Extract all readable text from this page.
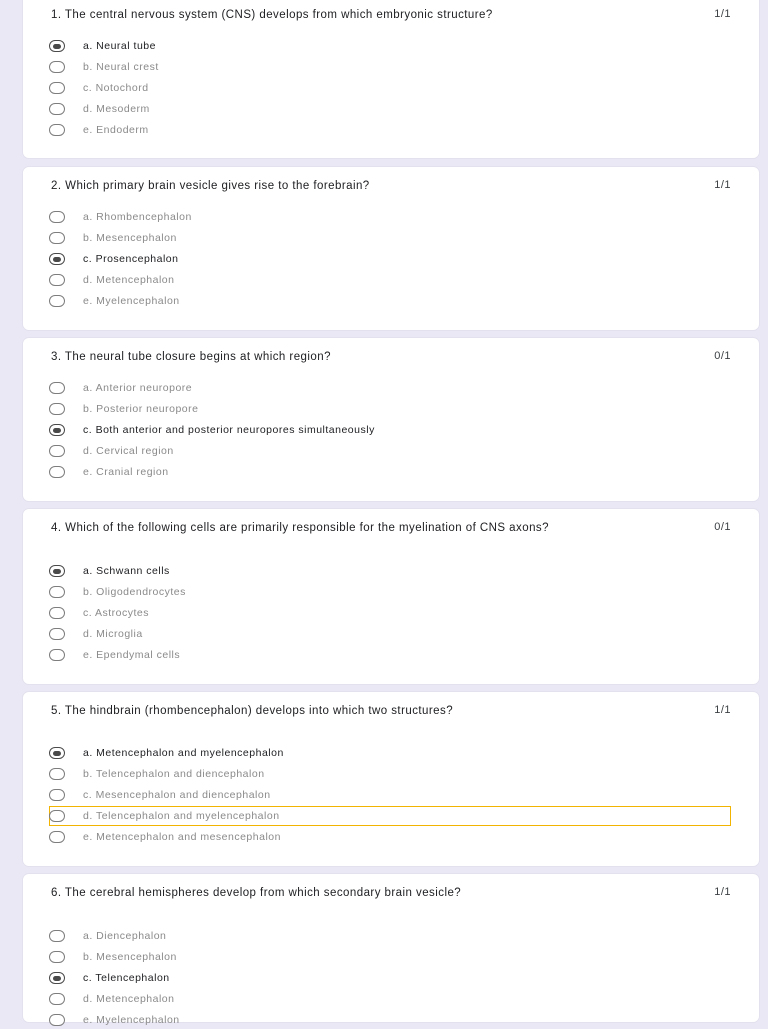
1. The central nervous system (CNS) develops from which embryonic structure?	1/1
a. Neural tube
b. Neural crest
c. Notochord
d. Mesoderm
e. Endoderm
2. Which primary brain vesicle gives rise to the forebrain?	1/1
a. Rhombencephalon
b. Mesencephalon
c. Prosencephalon
d. Metencephalon
e. Myelencephalon
3. The neural tube closure begins at which region?	0/1
a. Anterior neuropore
b. Posterior neuropore
c. Both anterior and posterior neuropores simultaneously
d. Cervical region
e. Cranial region
4. Which of the following cells are primarily responsible for the myelination of CNS axons?	0/1
a. Schwann cells
b. Oligodendrocytes
c. Astrocytes
d. Microglia
e. Ependymal cells
5. The hindbrain (rhombencephalon) develops into which two structures?	1/1
a. Metencephalon and myelencephalon
b. Telencephalon and diencephalon
c. Mesencephalon and diencephalon
d. Telencephalon and myelencephalon
e. Metencephalon and mesencephalon
6. The cerebral hemispheres develop from which secondary brain vesicle?	1/1
a. Diencephalon
b. Mesencephalon
c. Telencephalon
d. Metencephalon
e. Myelencephalon
